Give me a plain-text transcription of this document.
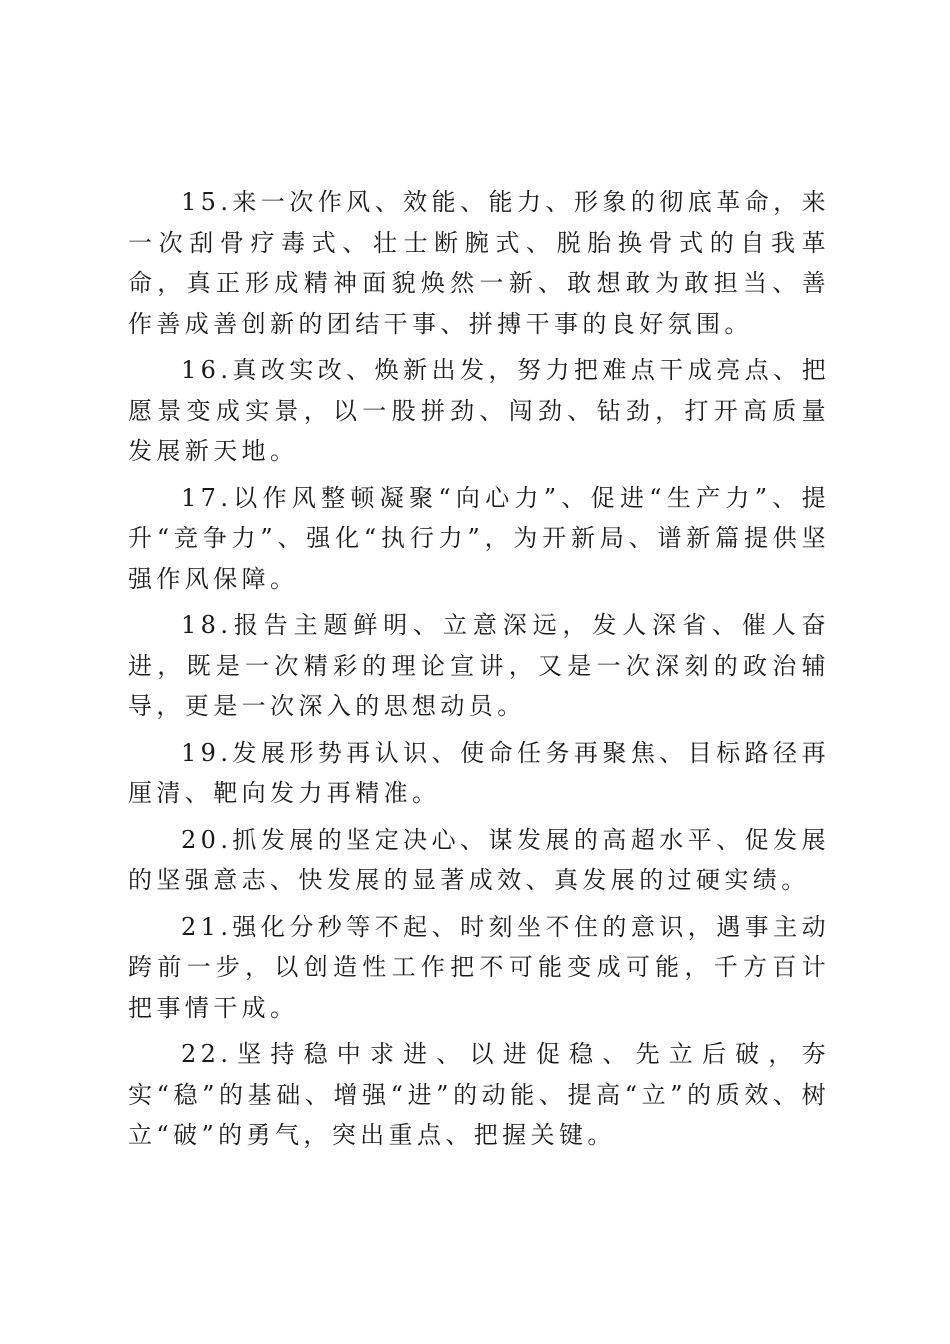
15.来一次作风、效能、能力、形象的彻底革命，来一次刮骨疗毒式、壮士断腕式、脱胎换骨式的自我革命，真正形成精神面貌焕然一新、敢想敢为敢担当、善作善成善创新的团结干事、拼搏干事的良好氛围。

16.真改实改、焕新出发，努力把难点干成亮点、把愿景变成实景，以一股拼劲、闯劲、钻劲，打开高质量发展新天地。

17.以作风整顿凝聚“向心力”、促进“生产力”、提升“竞争力”、强化“执行力”，为开新局、谱新篇提供坚强作风保障。

18.报告主题鲜明、立意深远，发人深省、催人奋进，既是一次精彩的理论宣讲，又是一次深刻的政治辅导，更是一次深入的思想动员。

19.发展形势再认识、使命任务再聚焦、目标路径再厘清、靶向发力再精准。

20.抓发展的坚定决心、谋发展的高超水平、促发展的坚强意志、快发展的显著成效、真发展的过硬实绩。

21.强化分秒等不起、时刻坐不住的意识，遇事主动跨前一步，以创造性工作把不可能变成可能，千方百计把事情干成。

22.坚持稳中求进、以进促稳、先立后破，夯实“稳”的基础、增强“进”的动能、提高“立”的质效、树立“破”的勇气，突出重点、把握关键。
